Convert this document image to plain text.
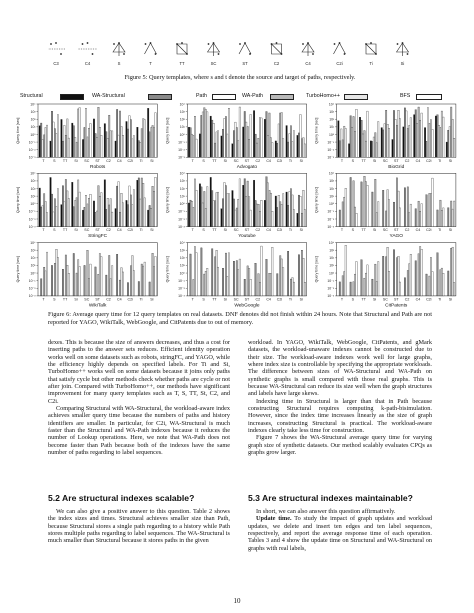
C3	C4	S	T	TT	SC	ST	C2	C4	C2i	Ti	Si
Figure 5: Query templates, where s and t denote the source and target of paths, respectively.
Structural	WA-Structural	Path	WA-Path	TurboHomo++	BFS
10⁴
10³
10²
10¹
10⁰
10⁻¹
10⁻²
10⁻³
Query time [sec]
T S TT Si SC ST C2 C4 C2i Ti Si
Robots
10⁴
10³
10²
10¹
10⁰
10⁻¹
10⁻²
10⁻³
Query time [sec]
T S TT Si SC ST C2 C4 C2i Ti Si
Advogato
10⁴
10³
10²
10¹
10⁰
10⁻¹
10⁻²
10⁻³
Query time [sec]
T S TT Si SC ST C2 C4 C2i Ti Si
BioGrid
10⁴
10³
10²
10¹
10⁰
10⁻¹
10⁻²
10⁻³
Query time [sec]
T S TT Si SC ST C2 C4 C2i Ti Si
StringFC
10⁴
10³
10²
10¹
10⁰
10⁻¹
10⁻²
10⁻³
Query time [sec]
T S TT Si SC ST C2 C4 C2i Ti Si
Youtube
10⁴
10³
10²
10¹
10⁰
10⁻¹
10⁻²
10⁻³
Query time [sec]
T S TT Si SC ST C2 C4 C2i Ti Si
YAGO
10⁴
10³
10²
10¹
10⁰
10⁻¹
10⁻²
10⁻³
Query time [sec]
T S TT Si SC ST C2 C4 C2i Ti Si
WikiTalk
10⁴
10³
10²
10¹
10⁰
10⁻¹
10⁻²
10⁻³
Query time [sec]
T S TT Si SC ST C2 C4 C2i Ti Si
WebGoogle
10⁴
10³
10²
10¹
10⁰
10⁻¹
10⁻²
10⁻³
Query time [sec]
T S TT Si SC ST C2 C4 C2i Ti Si
CitPatents
Figure 6: Average query time for 12 query templates on real datasets. DNF denotes did not finish within 24 hours. Note that Structural and Path are not reported for YAGO, WikiTalk, WebGoogle, and CitPatents due to out of memory.

dexes. This is because the size of answers decreases, and thus a cost for inserting paths to the answer sets reduces. Efficient identity operation works well on some datasets such as robots, stringFC, and YAGO, while the efficiency highly depends on specified labels. For Ti and Si, TurboHomo++ works well on some datasets because it joins only paths that satisfy cycle but other methods check whether paths are cycle or not after join. Compared with TurboHomo++, our methods have significant improvement for many query templates such as T, S, TT, St, C2, and C2i.

Comparing Structural with WA-Structural, the workload-aware index achieves smaller query time because the numbers of paths and history identifiers are smaller. In particular, for C2i, WA-Structural is much faster than the Structural and WA-Path indexes because it reduces the number of Lookup operations. Here, we note that WA-Path does not become faster than Path because both of the indexes have the same number of paths regarding to label sequences.

5.2 Are structural indexes scalable?

We can also give a positive answer to this question. Table 2 shows the index sizes and times. Structural achieves smaller size than Path, because Structural stores a single path regarding to a history while Path stores multiple paths regarding to label sequences. The WA-Structural is much smaller than Structural because it stores paths in the given

workload. In YAGO, WikiTalk, WebGoogle, CitPatents, and gMark datasets, the workload-unaware indexes cannot be constructed due to their size. The workload-aware indexes work well for large graphs, where index size is controllable by specifying the appropriate workloads. The difference between sizes of WA-Structural and WA-Path on synthetic graphs is small compared with those real graphs. This is because WA-Structural can reduce its size well when the graph structures and labels have large skews.

Indexing time in Structural is larger than that in Path because constructing Structural requires computing k-path-bisimulation. However, since the index time increases linearly as the size of graph increases, constructing Structural is practical. The workload-aware indexes clearly take less time for construction.

Figure 7 shows the WA-Structural average query time for varying graph size of synthetic datasets. Our method scalably evaluates CPQs as graphs grow larger.

5.3 Are structural indexes maintainable?

In short, we can also answer this question affirmatively.

Update time. To study the impact of graph updates and workload updates, we delete and insert ten edges and ten label sequences, respectively, and report the average response time of each operation. Tables 3 and 4 show the update time on Structural and WA-Structural on graphs with real labels,

10
